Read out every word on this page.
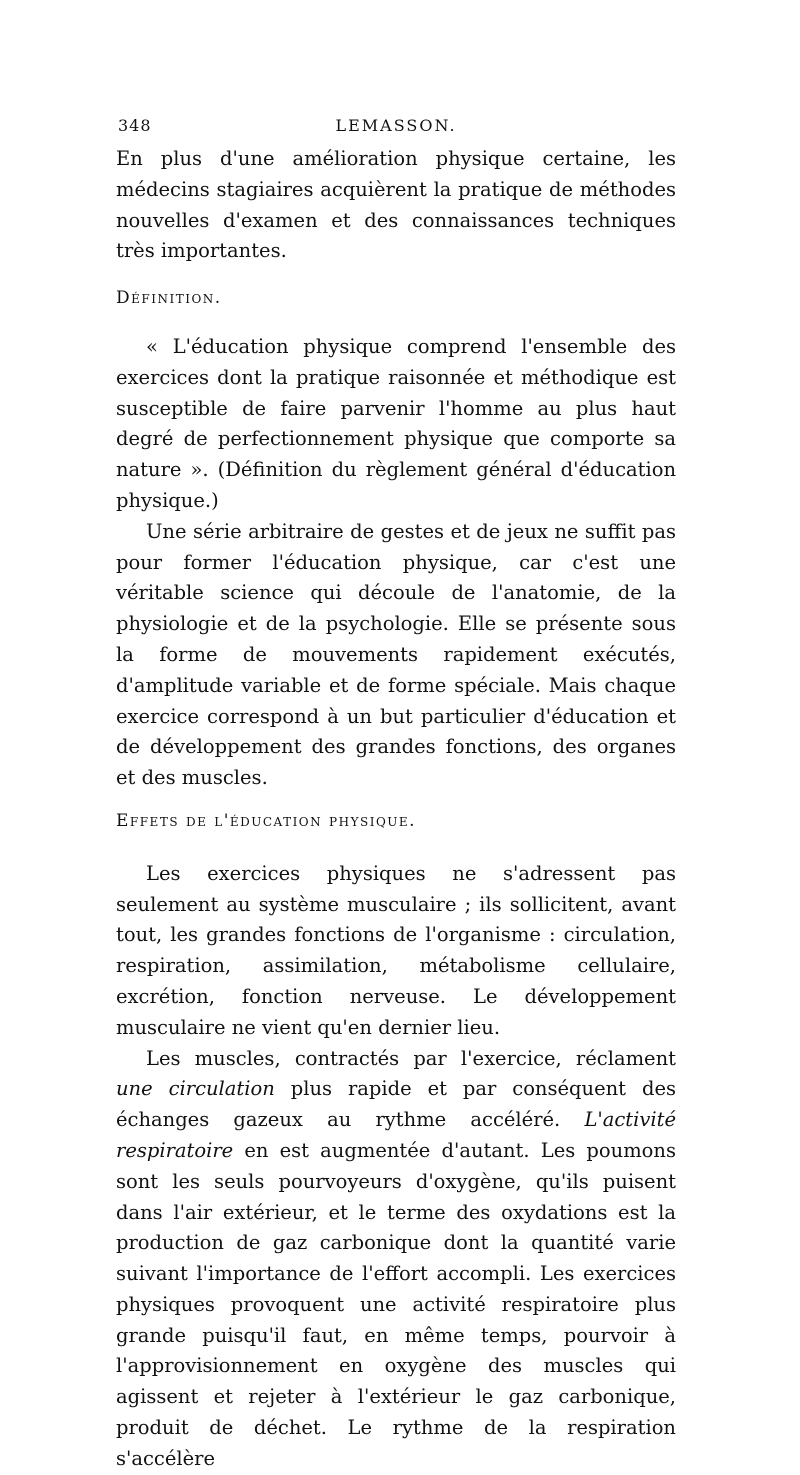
348	LEMASSON.

En plus d'une amélioration physique certaine, les médecins stagiaires acquièrent la pratique de méthodes nouvelles d'examen et des connaissances techniques très importantes.

Définition.

« L'éducation physique comprend l'ensemble des exercices dont la pratique raisonnée et méthodique est susceptible de faire parvenir l'homme au plus haut degré de perfectionnement physique que comporte sa nature ». (Définition du règlement général d'éducation physique.)

Une série arbitraire de gestes et de jeux ne suffit pas pour former l'éducation physique, car c'est une véritable science qui découle de l'anatomie, de la physiologie et de la psychologie. Elle se présente sous la forme de mouvements rapidement exécutés, d'amplitude variable et de forme spéciale. Mais chaque exercice correspond à un but particulier d'éducation et de développement des grandes fonctions, des organes et des muscles.

Effets de l'éducation physique.

Les exercices physiques ne s'adressent pas seulement au système musculaire ; ils sollicitent, avant tout, les grandes fonctions de l'organisme : circulation, respiration, assimilation, métabolisme cellulaire, excrétion, fonction nerveuse. Le développement musculaire ne vient qu'en dernier lieu.

Les muscles, contractés par l'exercice, réclament une circulation plus rapide et par conséquent des échanges gazeux au rythme accéléré. L'activité respiratoire en est augmentée d'autant. Les poumons sont les seuls pourvoyeurs d'oxygène, qu'ils puisent dans l'air extérieur, et le terme des oxydations est la production de gaz carbonique dont la quantité varie suivant l'importance de l'effort accompli. Les exercices physiques provoquent une activité respiratoire plus grande puisqu'il faut, en même temps, pourvoir à l'approvisionnement en oxygène des muscles qui agissent et rejeter à l'extérieur le gaz carbonique, produit de déchet. Le rythme de la respiration s'accélère
